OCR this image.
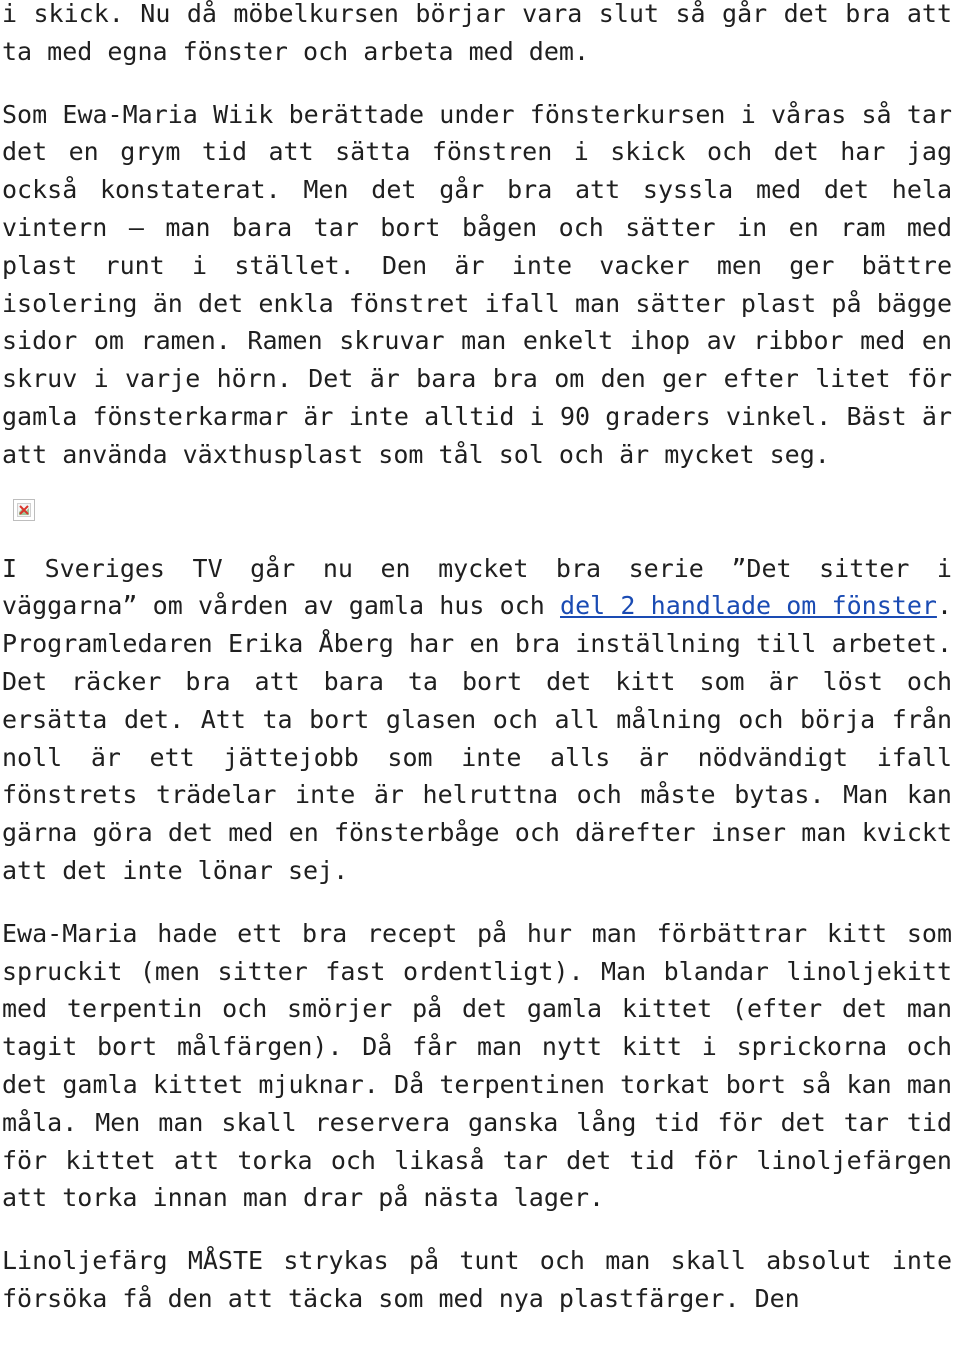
i skick. Nu då möbelkursen börjar vara slut så går det bra att ta med egna fönster och arbeta med dem.

Som Ewa-Maria Wiik berättade under fönsterkursen i våras så tar det en grym tid att sätta fönstren i skick och det har jag också konstaterat. Men det går bra att syssla med det hela vintern – man bara tar bort bågen och sätter in en ram med plast runt i stället. Den är inte vacker men ger bättre isolering än det enkla fönstret ifall man sätter plast på bägge sidor om ramen. Ramen skruvar man enkelt ihop av ribbor med en skruv i varje hörn. Det är bara bra om den ger efter litet för gamla fönsterkarmar är inte alltid i 90 graders vinkel. Bäst är att använda växthusplast som tål sol och är mycket seg.

I Sveriges TV går nu en mycket bra serie ”Det sitter i väggarna” om vården av gamla hus och del 2 handlade om fönster. Programledaren Erika Åberg har en bra inställning till arbetet. Det räcker bra att bara ta bort det kitt som är löst och ersätta det. Att ta bort glasen och all målning och börja från noll är ett jättejobb som inte alls är nödvändigt ifall fönstrets trädelar inte är helruttna och måste bytas. Man kan gärna göra det med en fönsterbåge och därefter inser man kvickt att det inte lönar sej.

Ewa-Maria hade ett bra recept på hur man förbättrar kitt som spruckit (men sitter fast ordentligt). Man blandar linoljekitt med terpentin och smörjer på det gamla kittet (efter det man tagit bort målfärgen). Då får man nytt kitt i sprickorna och det gamla kittet mjuknar. Då terpentinen torkat bort så kan man måla. Men man skall reservera ganska lång tid för det tar tid för kittet att torka och likaså tar det tid för linoljefärgen att torka innan man drar på nästa lager.

Linoljefärg MÅSTE strykas på tunt och man skall absolut inte försöka få den att täcka som med nya plastfärger. Den
